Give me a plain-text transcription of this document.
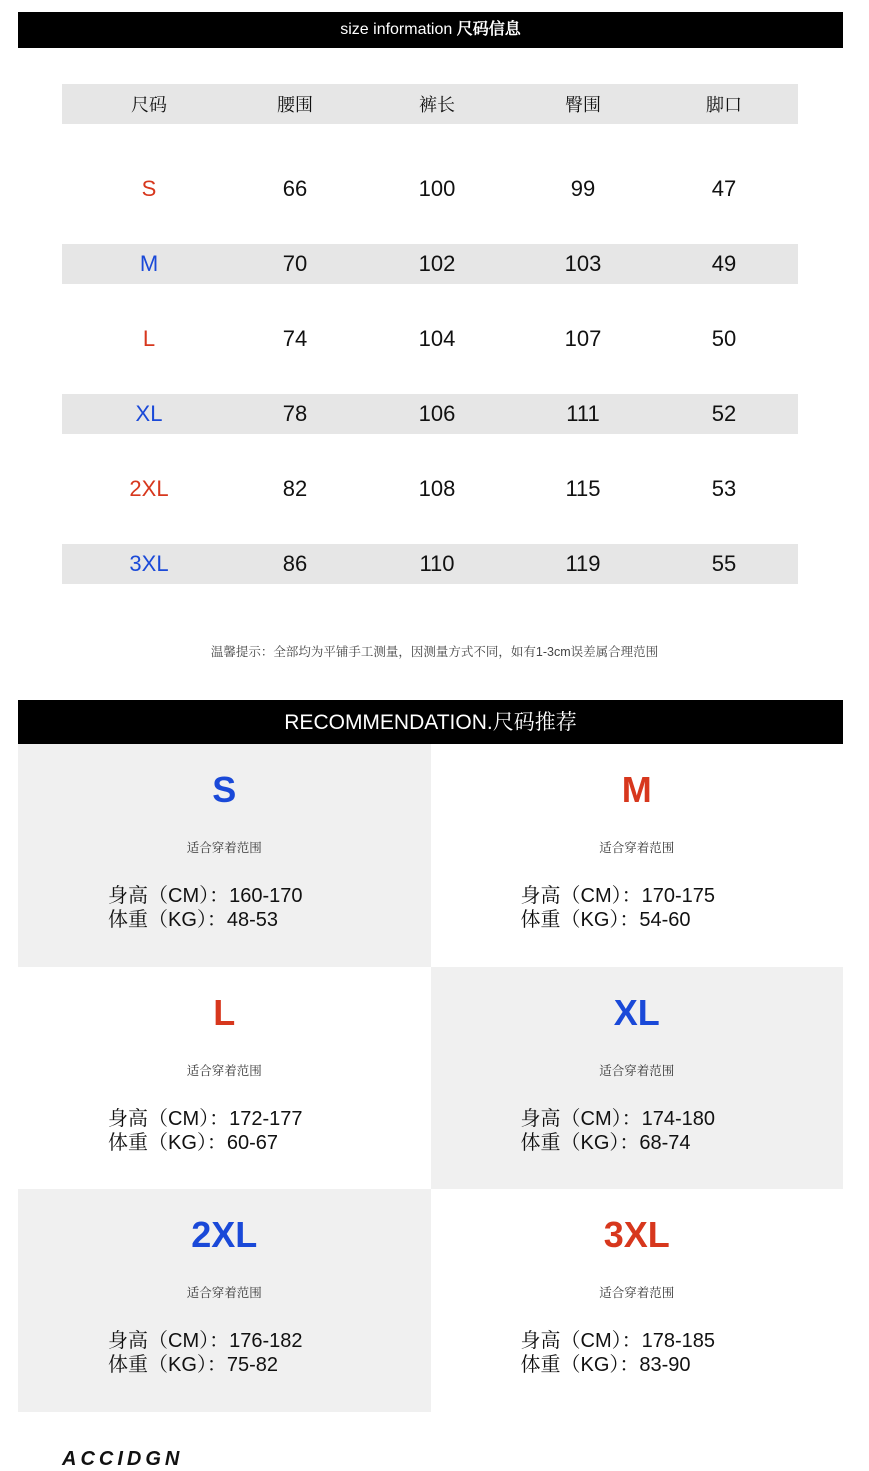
size information 尺码信息
尺码	腰围	裤长	臀围	脚口
S	66	100	99	47
M	70	102	103	49
L	74	104	107	50
XL	78	106	111	52
2XL	82	108	115	53
3XL	86	110	119	55
温馨提示：全部均为平铺手工测量，因测量方式不同，如有1-3cm误差属合理范围
RECOMMENDATION.尺码推荐
S
适合穿着范围
身高（CM）：160-170
体重（KG）：48-53
M
适合穿着范围
身高（CM）：170-175
体重（KG）：54-60
L
适合穿着范围
身高（CM）：172-177
体重（KG）：60-67
XL
适合穿着范围
身高（CM）：174-180
体重（KG）：68-74
2XL
适合穿着范围
身高（CM）：176-182
体重（KG）：75-82
3XL
适合穿着范围
身高（CM）：178-185
体重（KG）：83-90
ACCIDGN
